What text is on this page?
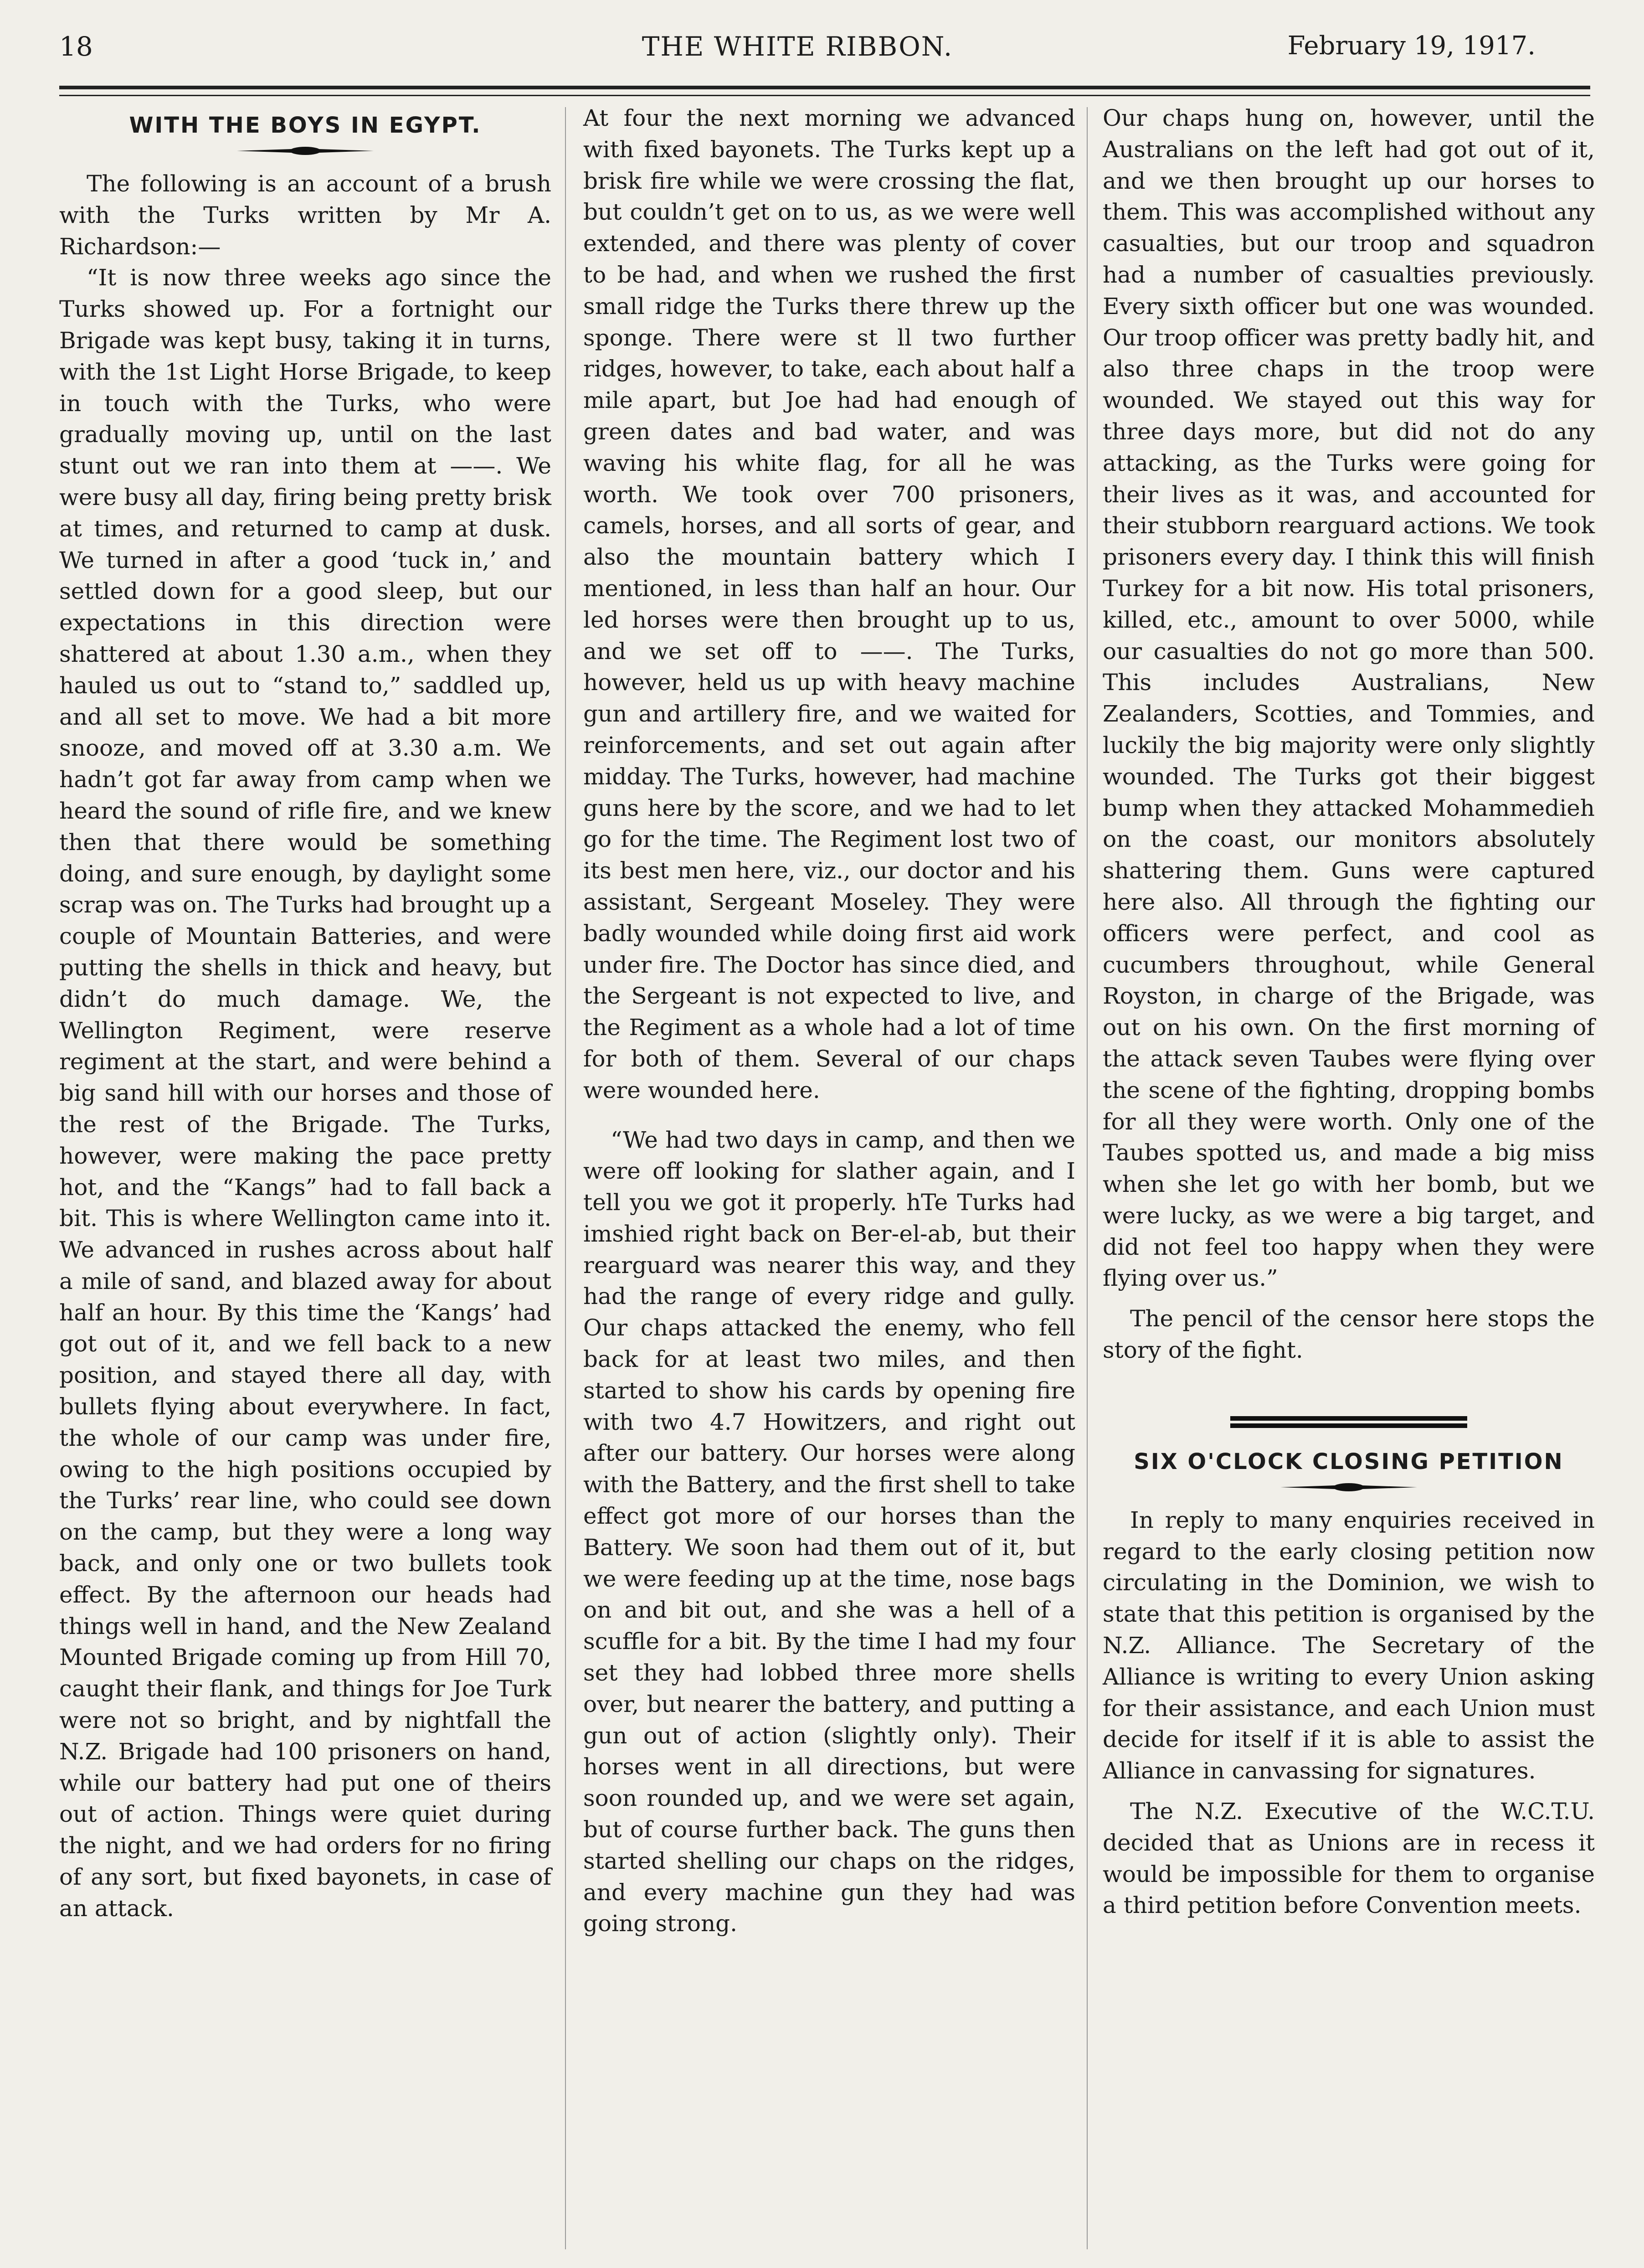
18	THE WHITE RIBBON.	February 19, 1917.
WITH THE BOYS IN EGYPT.

The following is an account of a brush with the Turks written by Mr A. Richardson:—

“It is now three weeks ago since the Turks showed up. For a fortnight our Brigade was kept busy, taking it in turns, with the 1st Light Horse Brigade, to keep in touch with the Turks, who were gradually moving up, until on the last stunt out we ran into them at ——. We were busy all day, firing being pretty brisk at times, and returned to camp at dusk. We turned in after a good ‘tuck in,’ and settled down for a good sleep, but our expectations in this direction were shattered at about 1.30 a.m., when they hauled us out to “stand to,” saddled up, and all set to move. We had a bit more snooze, and moved off at 3.30 a.m. We hadn’t got far away from camp when we heard the sound of rifle fire, and we knew then that there would be something doing, and sure enough, by daylight some scrap was on. The Turks had brought up a couple of Mountain Batteries, and were putting the shells in thick and heavy, but didn’t do much damage. We, the Wellington Regiment, were reserve regiment at the start, and were behind a big sand hill with our horses and those of the rest of the Brigade. The Turks, however, were making the pace pretty hot, and the “Kangs” had to fall back a bit. This is where Wellington came into it. We advanced in rushes across about half a mile of sand, and blazed away for about half an hour. By this time the ‘Kangs’ had got out of it, and we fell back to a new position, and stayed there all day, with bullets flying about everywhere. In fact, the whole of our camp was under fire, owing to the high positions occupied by the Turks’ rear line, who could see down on the camp, but they were a long way back, and only one or two bullets took effect. By the afternoon our heads had things well in hand, and the New Zealand Mounted Brigade coming up from Hill 70, caught their flank, and things for Joe Turk were not so bright, and by nightfall the N.Z. Brigade had 100 prisoners on hand, while our battery had put one of theirs out of action. Things were quiet during the night, and we had orders for no firing of any sort, but fixed bayonets, in case of an attack.

At four the next morning we advanced with fixed bayonets. The Turks kept up a brisk fire while we were crossing the flat, but couldn’t get on to us, as we were well extended, and there was plenty of cover to be had, and when we rushed the first small ridge the Turks there threw up the sponge. There were st ll two further ridges, however, to take, each about half a mile apart, but Joe had had enough of green dates and bad water, and was waving his white flag, for all he was worth. We took over 700 prisoners, camels, horses, and all sorts of gear, and also the mountain battery which I mentioned, in less than half an hour. Our led horses were then brought up to us, and we set off to ——. The Turks, however, held us up with heavy machine gun and artillery fire, and we waited for reinforcements, and set out again after midday. The Turks, however, had machine guns here by the score, and we had to let go for the time. The Regiment lost two of its best men here, viz., our doctor and his assistant, Sergeant Moseley. They were badly wounded while doing first aid work under fire. The Doctor has since died, and the Sergeant is not expected to live, and the Regiment as a whole had a lot of time for both of them. Several of our chaps were wounded here.

“We had two days in camp, and then we were off looking for slather again, and I tell you we got it properly. hTe Turks had imshied right back on Ber-el-ab, but their rearguard was nearer this way, and they had the range of every ridge and gully. Our chaps attacked the enemy, who fell back for at least two miles, and then started to show his cards by opening fire with two 4.7 Howitzers, and right out after our battery. Our horses were along with the Battery, and the first shell to take effect got more of our horses than the Battery. We soon had them out of it, but we were feeding up at the time, nose bags on and bit out, and she was a hell of a scuffle for a bit. By the time I had my four set they had lobbed three more shells over, but nearer the battery, and putting a gun out of action (slightly only). Their horses went in all directions, but were soon rounded up, and we were set again, but of course further back. The guns then started shelling our chaps on the ridges, and every machine gun they had was going strong.

Our chaps hung on, however, until the Australians on the left had got out of it, and we then brought up our horses to them. This was accomplished without any casualties, but our troop and squadron had a number of casualties previously. Every sixth officer but one was wounded. Our troop officer was pretty badly hit, and also three chaps in the troop were wounded. We stayed out this way for three days more, but did not do any attacking, as the Turks were going for their lives as it was, and accounted for their stubborn rearguard actions. We took prisoners every day. I think this will finish Turkey for a bit now. His total prisoners, killed, etc., amount to over 5000, while our casualties do not go more than 500. This includes Australians, New Zealanders, Scotties, and Tommies, and luckily the big majority were only slightly wounded. The Turks got their biggest bump when they attacked Mohammedieh on the coast, our monitors absolutely shattering them. Guns were captured here also. All through the fighting our officers were perfect, and cool as cucumbers throughout, while General Royston, in charge of the Brigade, was out on his own. On the first morning of the attack seven Taubes were flying over the scene of the fighting, dropping bombs for all they were worth. Only one of the Taubes spotted us, and made a big miss when she let go with her bomb, but we were lucky, as we were a big target, and did not feel too happy when they were flying over us.”

The pencil of the censor here stops the story of the fight.

SIX O'CLOCK CLOSING PETITION

In reply to many enquiries received in regard to the early closing petition now circulating in the Dominion, we wish to state that this petition is organised by the N.Z. Alliance. The Secretary of the Alliance is writing to every Union asking for their assistance, and each Union must decide for itself if it is able to assist the Alliance in canvassing for signatures.

The N.Z. Executive of the W.C.T.U. decided that as Unions are in recess it would be impossible for them to organise a third petition before Convention meets.
